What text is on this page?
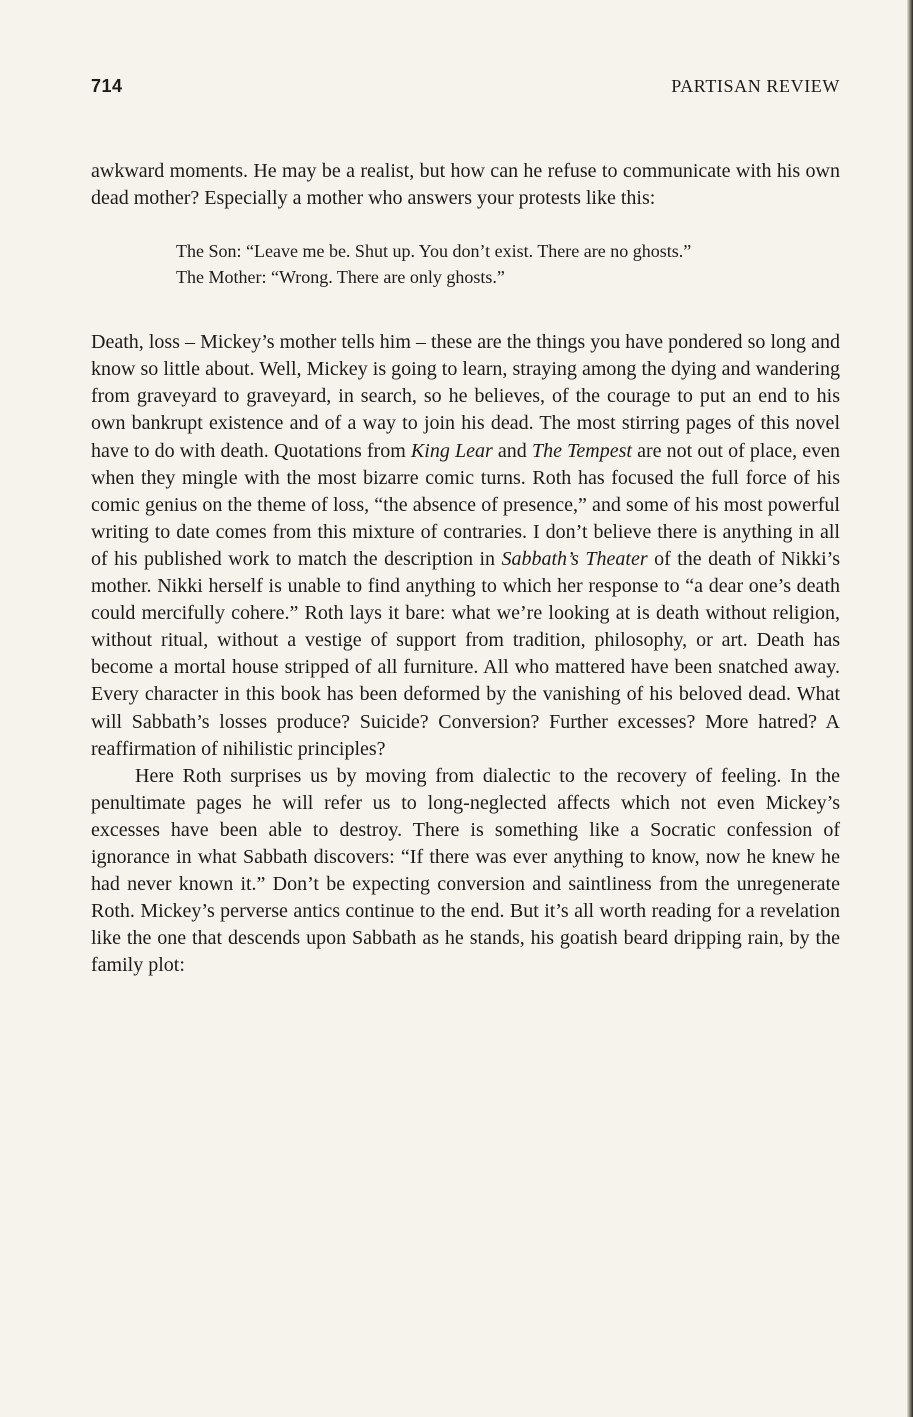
714	PARTISAN REVIEW

awkward moments. He may be a realist, but how can he refuse to communicate with his own dead mother? Especially a mother who answers your protests like this:

The Son: “Leave me be. Shut up. You don’t exist. There are no ghosts.”

The Mother: “Wrong. There are only ghosts.”

Death, loss – Mickey’s mother tells him – these are the things you have pondered so long and know so little about. Well, Mickey is going to learn, straying among the dying and wandering from graveyard to graveyard, in search, so he believes, of the courage to put an end to his own bankrupt existence and of a way to join his dead. The most stirring pages of this novel have to do with death. Quotations from King Lear and The Tempest are not out of place, even when they mingle with the most bizarre comic turns. Roth has focused the full force of his comic genius on the theme of loss, “the absence of presence,” and some of his most powerful writing to date comes from this mixture of contraries. I don’t believe there is anything in all of his published work to match the description in Sabbath’s Theater of the death of Nikki’s mother. Nikki herself is unable to find anything to which her response to “a dear one’s death could mercifully cohere.” Roth lays it bare: what we’re looking at is death without religion, without ritual, without a vestige of support from tradition, philosophy, or art. Death has become a mortal house stripped of all furniture. All who mattered have been snatched away. Every character in this book has been deformed by the vanishing of his beloved dead. What will Sabbath’s losses produce? Suicide? Conversion? Further excesses? More hatred? A reaffirmation of nihilistic principles?

Here Roth surprises us by moving from dialectic to the recovery of feeling. In the penultimate pages he will refer us to long-neglected affects which not even Mickey’s excesses have been able to destroy. There is something like a Socratic confession of ignorance in what Sabbath discovers: “If there was ever anything to know, now he knew he had never known it.” Don’t be expecting conversion and saintliness from the unregenerate Roth. Mickey’s perverse antics continue to the end. But it’s all worth reading for a revelation like the one that descends upon Sabbath as he stands, his goatish beard dripping rain, by the family plot:
